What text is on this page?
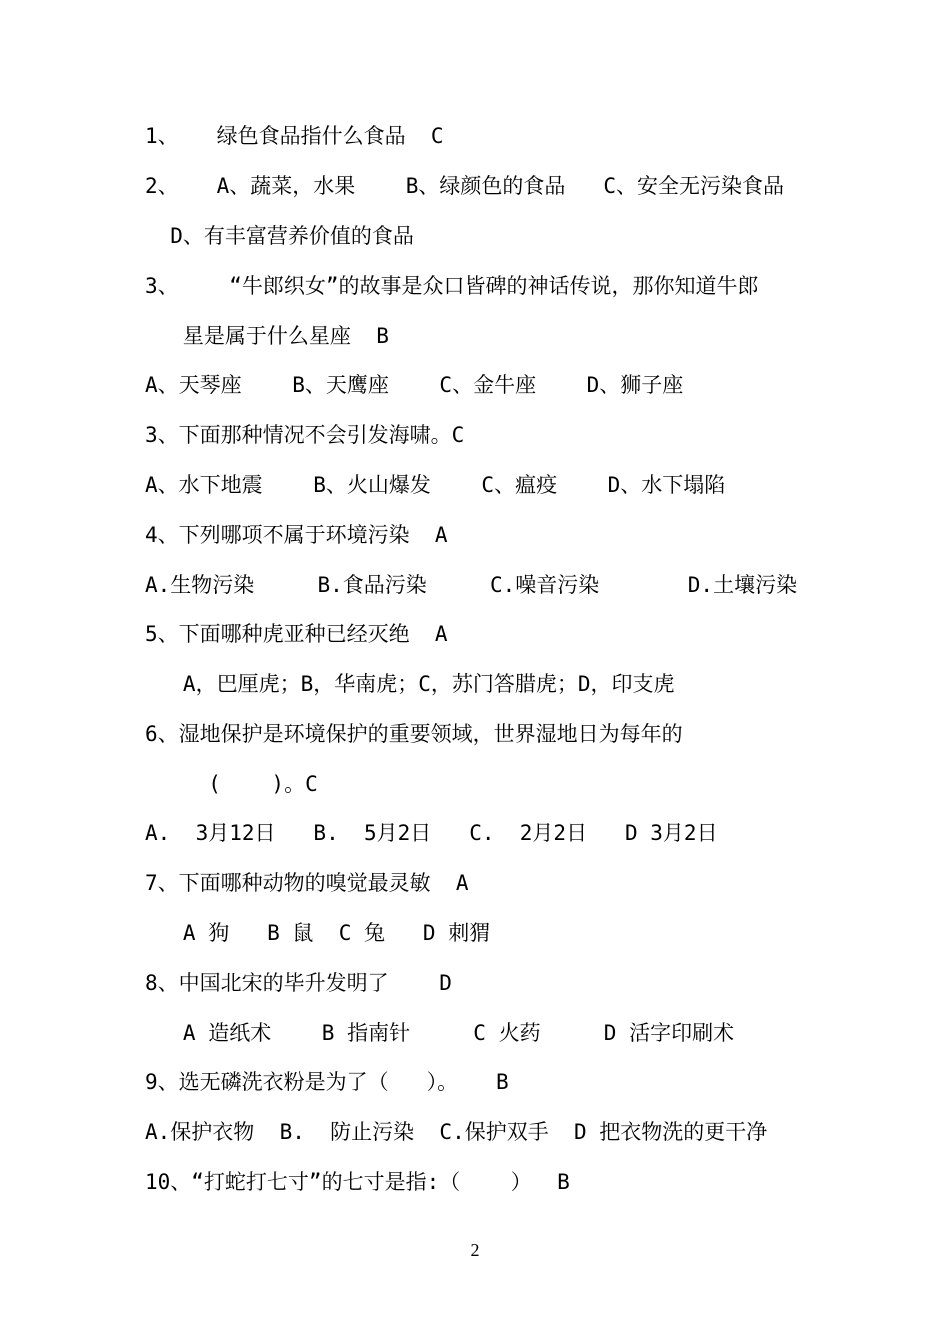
1、   绿色食品指什么食品  C
2、   A、蔬菜，水果    B、绿颜色的食品   C、安全无污染食品
D、有丰富营养价值的食品
3、    “牛郎织女”的故事是众口皆碑的神话传说，那你知道牛郎
星是属于什么星座  B
A、天琴座    B、天鹰座    C、金牛座    D、狮子座
3、下面那种情况不会引发海啸。C
A、水下地震    B、火山爆发    C、瘟疫    D、水下塌陷
4、下列哪项不属于环境污染  A
A.生物污染     B.食品污染     C.噪音污染       D.土壤污染
5、下面哪种虎亚种已经灭绝  A
A，巴厘虎；B，华南虎；C，苏门答腊虎；D，印支虎
6、湿地保护是环境保护的重要领域，世界湿地日为每年的
(    )。C
A.  3月12日   B.  5月2日   C.  2月2日   D 3月2日
7、下面哪种动物的嗅觉最灵敏  A
A 狗   B 鼠  C 兔   D 刺猬
8、中国北宋的毕升发明了    D
A 造纸术    B 指南针     C 火药     D 活字印刷术
9、选无磷洗衣粉是为了（   ）。   B
A.保护衣物  B.  防止污染  C.保护双手  D 把衣物洗的更干净
10、“打蛇打七寸”的七寸是指:（    ）  B
2
